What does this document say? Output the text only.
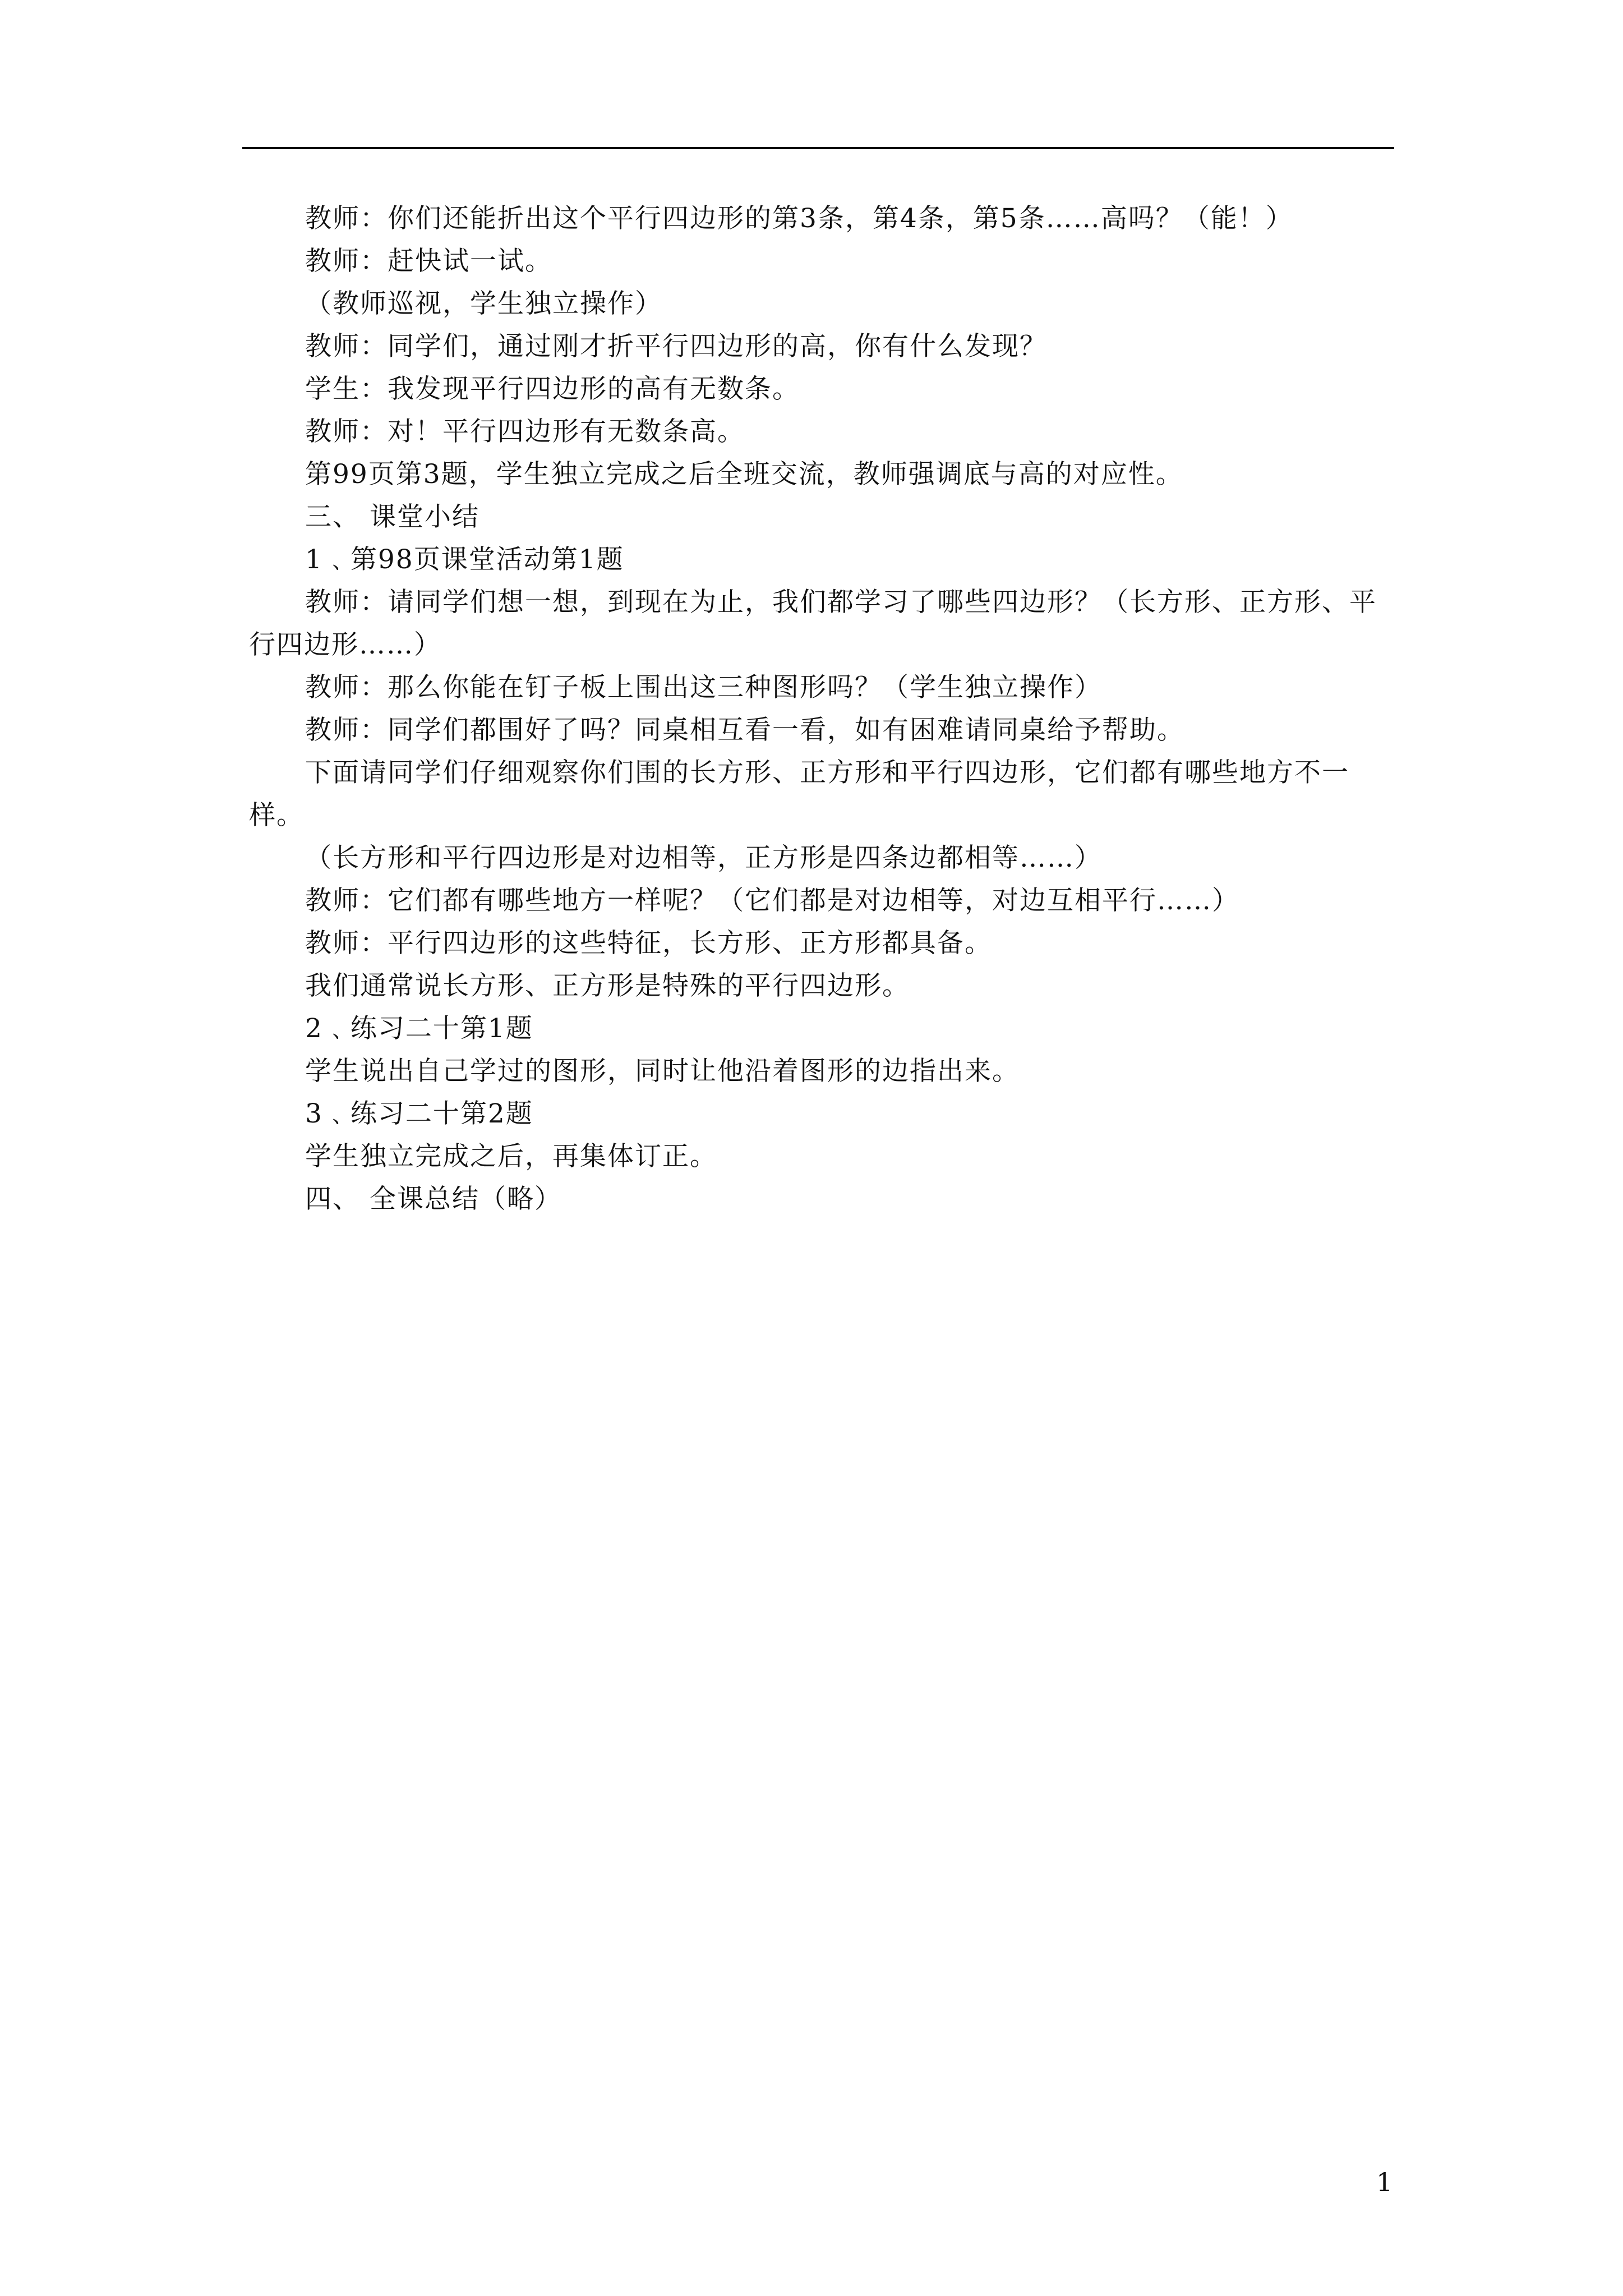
教师：你们还能折出这个平行四边形的第3条，第4条，第5条……高吗？（能！）

教师：赶快试一试。

（教师巡视，学生独立操作）

教师：同学们，通过刚才折平行四边形的高，你有什么发现？

学生：我发现平行四边形的高有无数条。

教师：对！平行四边形有无数条高。

第99页第3题，学生独立完成之后全班交流，教师强调底与高的对应性。

三、 课堂小结

1﹑第98页课堂活动第1题

教师：请同学们想一想，到现在为止，我们都学习了哪些四边形？（长方形、正方形、平行四边形……）

教师：那么你能在钉子板上围出这三种图形吗？（学生独立操作）

教师：同学们都围好了吗？同桌相互看一看，如有困难请同桌给予帮助。

下面请同学们仔细观察你们围的长方形、正方形和平行四边形，它们都有哪些地方不一样。

（长方形和平行四边形是对边相等，正方形是四条边都相等……）

教师：它们都有哪些地方一样呢？（它们都是对边相等，对边互相平行……）

教师：平行四边形的这些特征，长方形、正方形都具备。

我们通常说长方形、正方形是特殊的平行四边形。

2﹑练习二十第1题

学生说出自己学过的图形，同时让他沿着图形的边指出来。

3﹑练习二十第2题

学生独立完成之后，再集体订正。

四、 全课总结（略）

1
